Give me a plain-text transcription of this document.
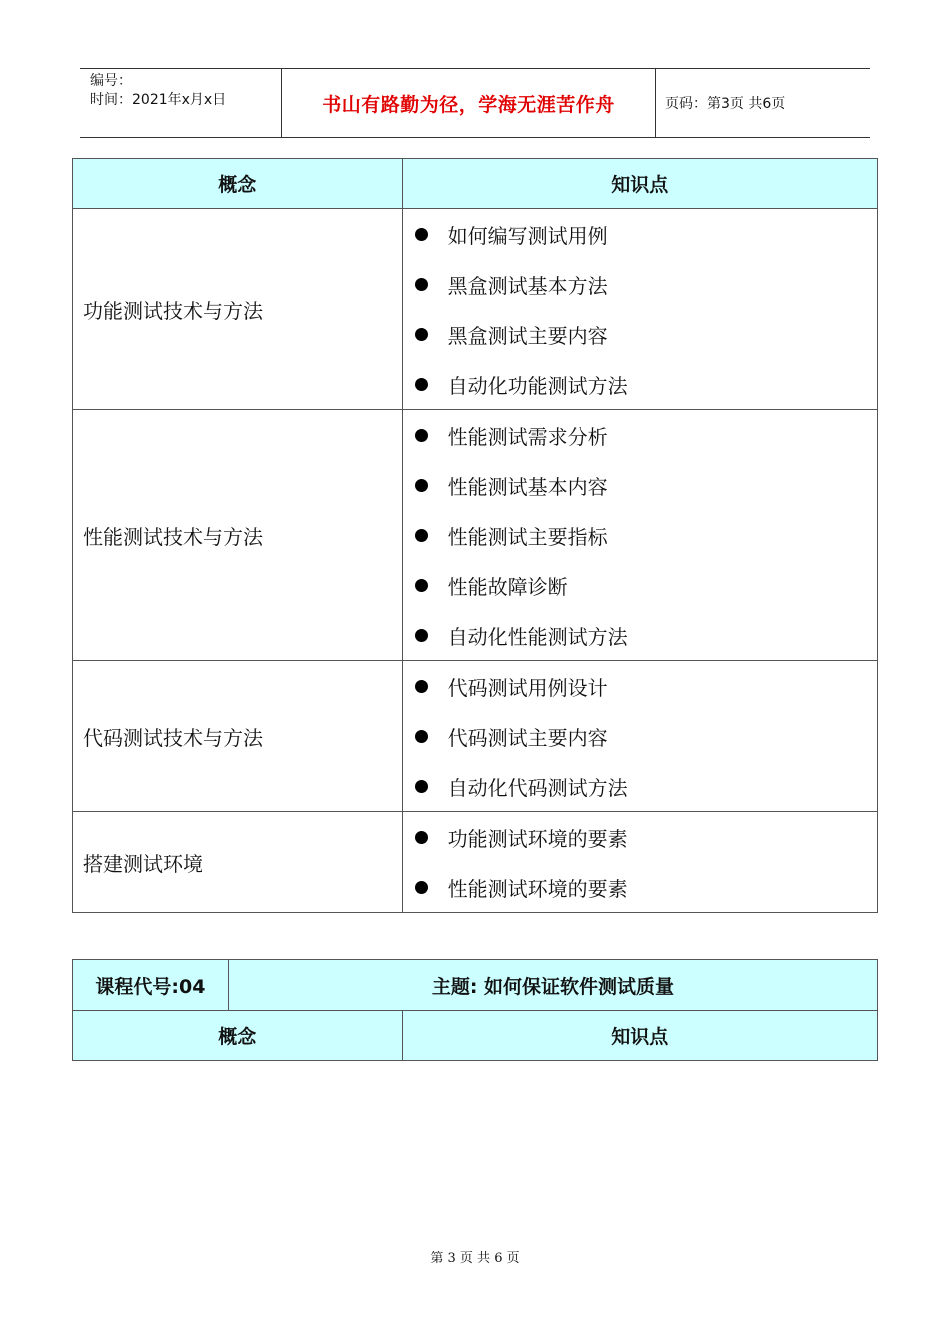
编号：
时间：2021年x月x日	书山有路勤为径，学海无涯苦作舟	页码：第3页 共6页
概念	知识点
功能测试技术与方法	如何编写测试用例
黑盒测试基本方法
黑盒测试主要内容
自动化功能测试方法

性能测试技术与方法	性能测试需求分析
性能测试基本内容
性能测试主要指标
性能故障诊断
自动化性能测试方法

代码测试技术与方法	代码测试用例设计
代码测试主要内容
自动化代码测试方法

搭建测试环境	功能测试环境的要素
性能测试环境的要素
课程代号:04	主题: 如何保证软件测试质量	
概念		知识点
第 3 页 共 6 页
